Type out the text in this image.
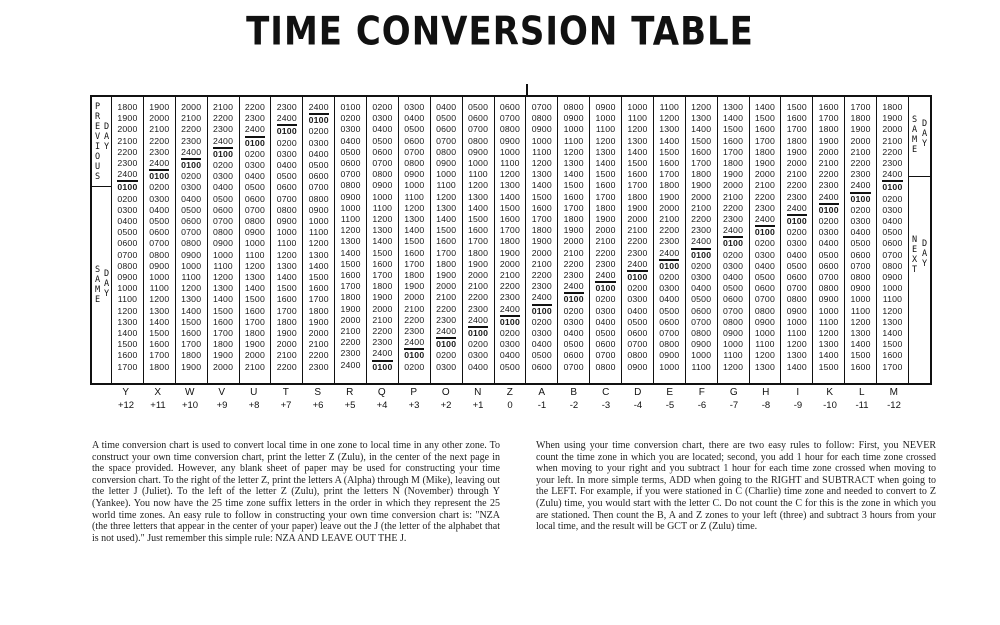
TIME CONVERSION TABLE
PREVIOUS
DAY
SAME
DAY
1800
1900
2000
2100
2200
2300
2400
0100
0200
0300
0400
0500
0600
0700
0800
0900
1000
1100
1200
1300
1400
1500
1600
1700
1900
2000
2100
2200
2300
2400
0100
0200
0300
0400
0500
0600
0700
0800
0900
1000
1100
1200
1300
1400
1500
1600
1700
1800
2000
2100
2200
2300
2400
0100
0200
0300
0400
0500
0600
0700
0800
0900
1000
1100
1200
1300
1400
1500
1600
1700
1800
1900
2100
2200
2300
2400
0100
0200
0300
0400
0500
0600
0700
0800
0900
1000
1100
1200
1300
1400
1500
1600
1700
1800
1900
2000
2200
2300
2400
0100
0200
0300
0400
0500
0600
0700
0800
0900
1000
1100
1200
1300
1400
1500
1600
1700
1800
1900
2000
2100
2300
2400
0100
0200
0300
0400
0500
0600
0700
0800
0900
1000
1100
1200
1300
1400
1500
1600
1700
1800
1900
2000
2100
2200
2400
0100
0200
0300
0400
0500
0600
0700
0800
0900
1000
1100
1200
1300
1400
1500
1600
1700
1800
1900
2000
2100
2200
2300
0100
0200
0300
0400
0500
0600
0700
0800
0900
1000
1100
1200
1300
1400
1500
1600
1700
1800
1900
2000
2100
2200
2300
2400
0200
0300
0400
0500
0600
0700
0800
0900
1000
1100
1200
1300
1400
1500
1600
1700
1800
1900
2000
2100
2200
2300
2400
0100
0300
0400
0500
0600
0700
0800
0900
1000
1100
1200
1300
1400
1500
1600
1700
1800
1900
2000
2100
2200
2300
2400
0100
0200
0400
0500
0600
0700
0800
0900
1000
1100
1200
1300
1400
1500
1600
1700
1800
1900
2000
2100
2200
2300
2400
0100
0200
0300
0500
0600
0700
0800
0900
1000
1100
1200
1300
1400
1500
1600
1700
1800
1900
2000
2100
2200
2300
2400
0100
0200
0300
0400
0600
0700
0800
0900
1000
1100
1200
1300
1400
1500
1600
1700
1800
1900
2000
2100
2200
2300
2400
0100
0200
0300
0400
0500
0700
0800
0900
1000
1100
1200
1300
1400
1500
1600
1700
1800
1900
2000
2100
2200
2300
2400
0100
0200
0300
0400
0500
0600
0800
0900
1000
1100
1200
1300
1400
1500
1600
1700
1800
1900
2000
2100
2200
2300
2400
0100
0200
0300
0400
0500
0600
0700
0900
1000
1100
1200
1300
1400
1500
1600
1700
1800
1900
2000
2100
2200
2300
2400
0100
0200
0300
0400
0500
0600
0700
0800
1000
1100
1200
1300
1400
1500
1600
1700
1800
1900
2000
2100
2200
2300
2400
0100
0200
0300
0400
0500
0600
0700
0800
0900
1100
1200
1300
1400
1500
1600
1700
1800
1900
2000
2100
2200
2300
2400
0100
0200
0300
0400
0500
0600
0700
0800
0900
1000
1200
1300
1400
1500
1600
1700
1800
1900
2000
2100
2200
2300
2400
0100
0200
0300
0400
0500
0600
0700
0800
0900
1000
1100
1300
1400
1500
1600
1700
1800
1900
2000
2100
2200
2300
2400
0100
0200
0300
0400
0500
0600
0700
0800
0900
1000
1100
1200
1400
1500
1600
1700
1800
1900
2000
2100
2200
2300
2400
0100
0200
0300
0400
0500
0600
0700
0800
0900
1000
1100
1200
1300
1500
1600
1700
1800
1900
2000
2100
2200
2300
2400
0100
0200
0300
0400
0500
0600
0700
0800
0900
1000
1100
1200
1300
1400
1600
1700
1800
1900
2000
2100
2200
2300
2400
0100
0200
0300
0400
0500
0600
0700
0800
0900
1000
1100
1200
1300
1400
1500
1700
1800
1900
2000
2100
2200
2300
2400
0100
0200
0300
0400
0500
0600
0700
0800
0900
1000
1100
1200
1300
1400
1500
1600
1800
1900
2000
2100
2200
2300
2400
0100
0200
0300
0400
0500
0600
0700
0800
0900
1000
1100
1200
1300
1400
1500
1600
1700
SAME
DAY
NEXT
DAY
Y
+12
X
+11
W
+10
V
+9
U
+8
T
+7
S
+6
R
+5
Q
+4
P
+3
O
+2
N
+1
Z
0
A
-1
B
-2
C
-3
D
-4
E
-5
F
-6
G
-7
H
-8
I
-9
K
-10
L
-11
M
-12
A time conversion chart is used to convert local time in one zone to local time in any other zone. To construct your own time conversion chart, print the letter Z (Zulu), in the center of the next page in the space provided. However, any blank sheet of paper may be used for constructing your time conversion chart. To the right of the letter Z, print the letters A (Alpha) through M (Mike), leaving out the letter J (Juliet). To the left of the letter Z (Zulu), print the letters N (November) through Y (Yankee). You now have the 25 time zone suffix letters in the order in which they represent the 25 world time zones. An easy rule to follow in constructing your own time conversion chart is: "NZA (the three letters that appear in the center of your paper) leave out the J (the letter of the alphabet that is not used)." Just remember this simple rule: NZA AND LEAVE OUT THE J.
When using your time conversion chart, there are two easy rules to follow: First, you NEVER count the time zone in which you are located; second, you add 1 hour for each time zone crossed when moving to your right and you subtract 1 hour for each time zone crossed when moving to your left. In more simple terms, ADD when going to the RIGHT and SUBTRACT when going to the LEFT. For example, if you were stationed in C (Charlie) time zone and needed to convert to Z (Zulu) time, you would start with the letter C. Do not count the C for this is the zone in which you are stationed. Then count the B, A and Z zones to your left (three) and subtract 3 hours from your local time, and the result will be GCT or Z (Zulu) time.
